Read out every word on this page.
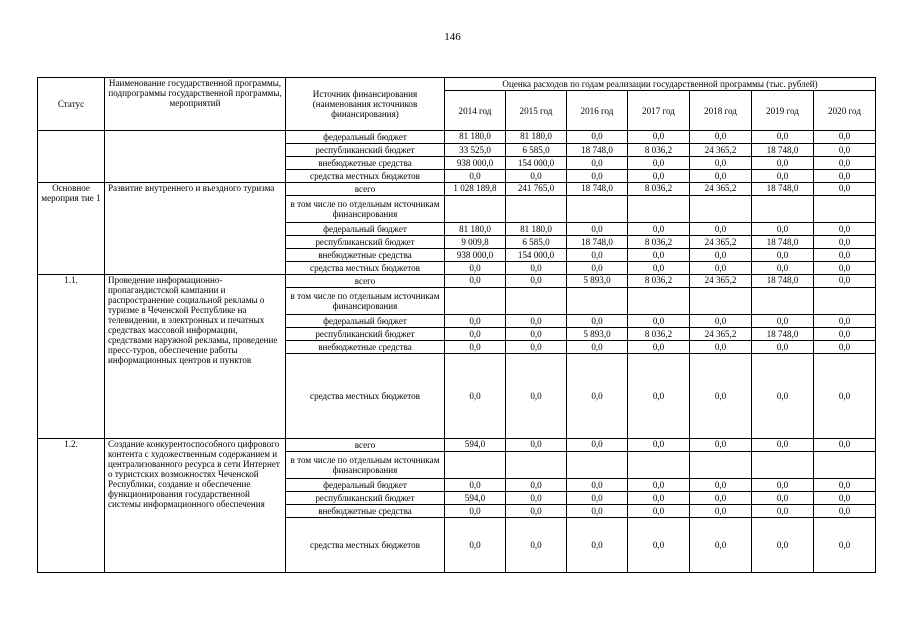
146
Статус	Наименование государственной программы, подпрограммы государственной программы, мероприятий	Источник финансирования (наименования источников финансирования)	Оценка расходов по годам реализации государственной программы (тыс. рублей)						
			2014 год	2015 год	2016 год	2017 год	2018 год	2019 год	2020 год
		федеральный бюджет	81 180,0	81 180,0	0,0	0,0	0,0	0,0	0,0
		республиканский бюджет	33 525,0	6 585,0	18 748,0	8 036,2	24 365,2	18 748,0	0,0
		внебюджетные средства	938 000,0	154 000,0	0,0	0,0	0,0	0,0	0,0
		средства местных бюджетов	0,0	0,0	0,0	0,0	0,0	0,0	0,0
Основное мероприя тие 1	Развитие внутреннего и въездного туризма	всего	1 028 189,8	241 765,0	18 748,0	8 036,2	24 365,2	18 748,0	0,0
		в том числе по отдельным источникам финансирования							
		федеральный бюджет	81 180,0	81 180,0	0,0	0,0	0,0	0,0	0,0
		республиканский бюджет	9 009,8	6 585,0	18 748,0	8 036,2	24 365,2	18 748,0	0,0
		внебюджетные средства	938 000,0	154 000,0	0,0	0,0	0,0	0,0	0,0
		средства местных бюджетов	0,0	0,0	0,0	0,0	0,0	0,0	0,0
1.1.	Проведение информационно-пропагандистской кампании и распространение социальной рекламы о туризме в Чеченской Республике на телевидении, в электронных и печатных средствах массовой информации, средствами наружной рекламы, проведение пресс-туров, обеспечение работы информационных центров и пунктов	всего	0,0	0,0	5 893,0	8 036,2	24 365,2	18 748,0	0,0
		в том числе по отдельным источникам финансирования							
		федеральный бюджет	0,0	0,0	0,0	0,0	0,0	0,0	0,0
		республиканский бюджет	0,0	0,0	5 893,0	8 036,2	24 365,2	18 748,0	0,0
		внебюджетные средства	0,0	0,0	0,0	0,0	0,0	0,0	0,0
		средства местных бюджетов	0,0	0,0	0,0	0,0	0,0	0,0	0,0
1.2.	Создание конкурентоспособного цифрового контента с художественным содержанием и централизованного ресурса в сети Интернет о туристских возможностях Чеченской Республики, создание и обеспечение функционирования государственной системы информационного обеспечения	всего	594,0	0,0	0,0	0,0	0,0	0,0	0,0
		в том числе по отдельным источникам финансирования							
		федеральный бюджет	0,0	0,0	0,0	0,0	0,0	0,0	0,0
		республиканский бюджет	594,0	0,0	0,0	0,0	0,0	0,0	0,0
		внебюджетные средства	0,0	0,0	0,0	0,0	0,0	0,0	0,0
		средства местных бюджетов	0,0	0,0	0,0	0,0	0,0	0,0	0,0
